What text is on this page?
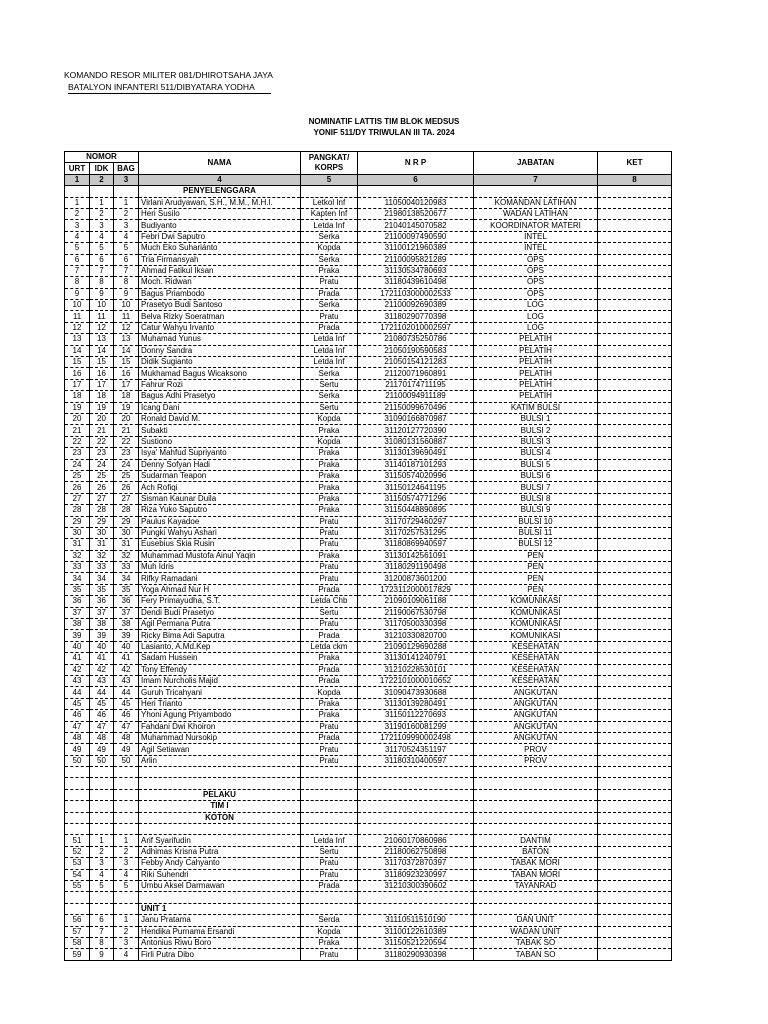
KOMANDO RESOR MILITER 081/DHIROTSAHA JAYA
BATALYON INFANTERI 511/DIBYATARA YODHA
NOMINATIF LATTIS TIM BLOK MEDSUS
YONIF 511/DY TRIWULAN III TA. 2024
NOMOR			NAMA	PANGKAT/ KORPS	N R P	JABATAN	KET
URT	IDK	BAG					
1	2	3	4	5	6	7	8
			PENYELENGGARA				
1	1	1	Virlani Arudyawan, S.H., M.M., M.H.I.	Letkol Inf	11050040120983	KOMANDAN LATIHAN	
2	2	2	Heri Susilo	Kapten Inf	21980138520677	WADAN LATIHAN	
3	3	3	Budiyanto	Letda Inf	21040145070582	KOORDINATOR MATERI	
4	4	4	Febri Dwi Saputro	Serka	21100097490590	INTEL	
5	5	5	Much Eko Suhariánto	Kopda	31100121960389	INTEL	
6	6	6	Tria Firmansyah	Serka	21100095821289	OPS	
7	7	7	Ahmad Fatikul Iksan	Praka	31130534780693	OPS	
8	8	8	Moch. Ridwan	Pratu	31180439610498	OPS	
9	9	9	Bagus Priambodo	Prada	1721103000002533	OPS	
10	10	10	Prasetyo Budi Santoso	Serka	21100092690389	LOG	
11	11	11	Belva Rizky Soeratman	Pratu	31180290770398	LOG	
12	12	12	Catur Wahyu Irvanto	Prada	1721102010002597	LOG	
13	13	13	Muhamad Yunus	Letda Inf	21080735250786	PELATIH	
14	14	14	Donny Sandra	Letda Inf	21050190590583	PELATIH	
15	15	15	Didik Sugianto	Letda Inf	21050154121283	PELATIH	
16	16	16	Mukhamad Bagus Wicaksono	Serka	21120071960891	PELATIH	
17	17	17	Fahrur Rozi	Sertu	21170174711195	PELATIH	
18	18	18	Bagus Adhi Prasetyo	Serka	21100094911189	PELATIH	
19	19	19	Icang Dani	Sertu	21150099670496	KATIM BULSI	
20	20	20	Ronald David M.	Kopda	31090166870987	BULSI 1	
21	21	21	Subakti	Praka	31120127720390	BULSI 2	
22	22	22	Sustiono	Kopda	31080131560887	BULSI 3	
23	23	23	Isya' Mahfud Supriyanto	Praka	31130139690491	BULSI 4	
24	24	24	Denny Sofyan Hadi	Praka	31140187101293	BULSI 5	
25	25	25	Sudarman Teapon	Praka	31150574020996	BULSI 6	
26	26	26	Ach Rofiqi	Praka	31150124641195	BULSI 7	
27	27	27	Sisman Kaunar Duila	Praka	31150574771296	BULSI 8	
28	28	28	Riza Yuko Saputro	Praka	31150448890895	BULSI 9	
29	29	29	Paulus Kayadoe	Pratu	31170729460297	BULSI 10	
30	30	30	Pungki Wahyu Ashari	Pratu	31170257531295	BULSI 11	
31	31	31	Eusebius Skia Rusin	Pratu	31180869940597	BULSI 12	
32	32	32	Muhammad Mustofa Ainul Yaqin	Praka	31130142561091	PEN	
33	33	33	Muh Idris	Pratu	31180291190498	PEN	
34	34	34	Rifky Ramadani	Pratu	31200873601200	PEN	
35	35	35	Yoga Ahmad Nur H	Prada	1723112000017829	PEN	
36	36	36	Fery Primayudha, S.T.	Letda Chb	21090109061188	KOMUNIKASI	
37	37	37	Dendi Budi Prasetyo	Sertu	21190067530798	KOMUNIKASI	
38	38	38	Agil Permana Putra	Pratu	31170500330398	KOMUNIKASI	
39	39	39	Ricky Bima Adi Saputra	Prada	31210330820700	KOMUNIKASI	
40	40	40	Lasianto, A.Md.Kep	Letda ckm	21090129690288	KESEHATAN	
41	41	41	Sadam Hussein	Praka	31130141240791	KESEHATAN	
42	42	42	Tony Effendy	Prada	31210228530101	KESEHATAN	
43	43	43	Imam Nurcholis Majid	Prada	1722101000010652	KESEHATAN	
44	44	44	Guruh Tricahyani	Kopda	31090473930688	ANGKUTAN	
45	45	45	Heri Trianto	Praka	31130139280491	ANGKUTAN	
46	46	46	Yhoni Agung Priyambodo	Praka	31150112270693	ANGKUTAN	
47	47	47	Fahdani Dwi Khoiron	Pratu	31190160081299	ANGKUTAN	
48	48	48	Muhammad Nursokip	Prada	1721109990002498	ANGKUTAN	
49	49	49	Agil Setiawan	Pratu	31170524351197	PROV	
50	50	50	Arlin	Pratu	31180310400597	PROV	

			PELAKU				
			TIM I				
			KOTON				

51	1	1	Arif Syarifudin	Letda Inf	21060170860986	DANTIM	
52	2	2	Adhimas Krisna Putra	Sertu	21180062750898	BATON	
53	3	3	Febby Andy Cahyanto	Pratu	31170372870397	TABAK MORI	
54	4	4	Riki Suhendri	Pratu	31180923230997	TABAN MORI	
55	5	5	Umbu Aksel Darmawan	Prada	31210300390602	TAYANRAD	

			UNIT 1				
56	6	1	Janu Pratama	Serda	31110511510190	DAN UNIT	
57	7	2	Hendika Purnama Ersandi	Kopda	31100122610389	WADAN UNIT	
58	8	3	Antonius Riwu Boro	Praka	31150521220594	TABAK SO	
59	9	4	Firli Putra Dibo	Pratu	31180290930398	TABAN SO	
